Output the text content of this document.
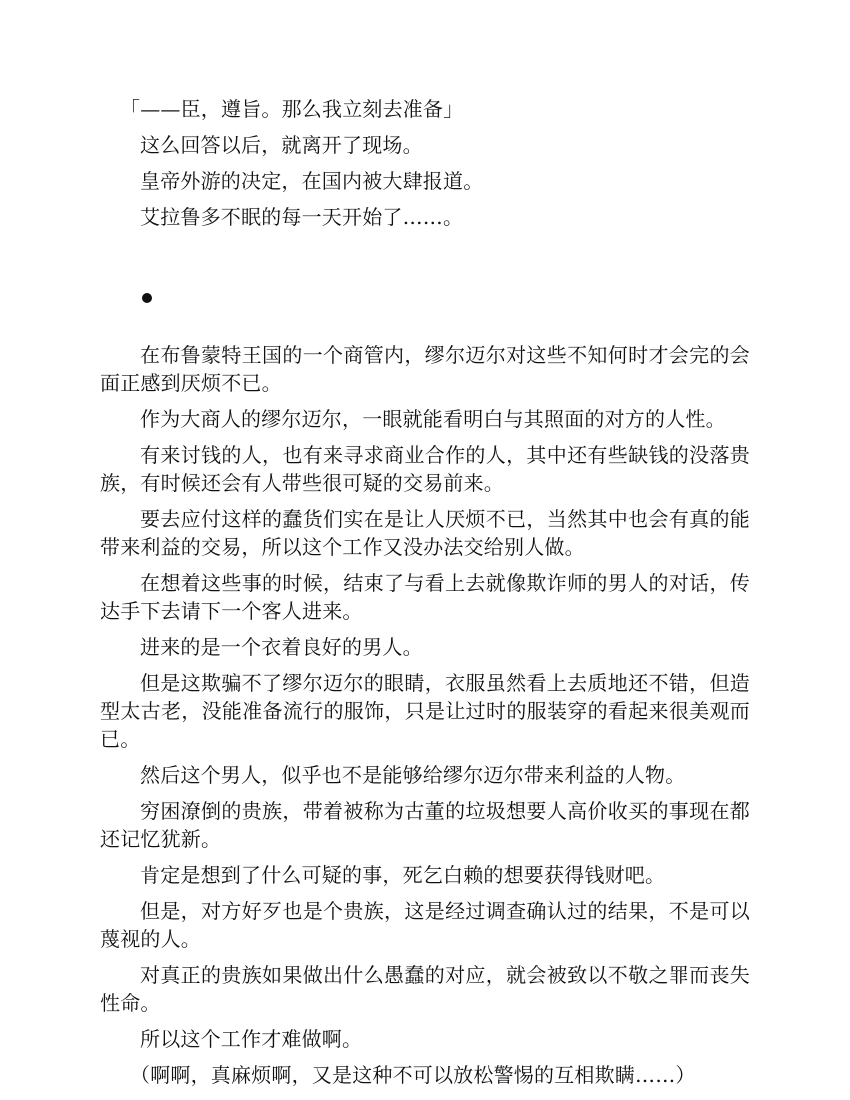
「——臣，遵旨。那么我立刻去准备」

这么回答以后，就离开了现场。

皇帝外游的决定，在国内被大肆报道。

艾拉鲁多不眠的每一天开始了……。

在布鲁蒙特王国的一个商管内，缪尔迈尔对这些不知何时才会完的会面正感到厌烦不已。

作为大商人的缪尔迈尔，一眼就能看明白与其照面的对方的人性。

有来讨钱的人，也有来寻求商业合作的人，其中还有些缺钱的没落贵族，有时候还会有人带些很可疑的交易前来。

要去应付这样的蠢货们实在是让人厌烦不已，当然其中也会有真的能带来利益的交易，所以这个工作又没办法交给别人做。

在想着这些事的时候，结束了与看上去就像欺诈师的男人的对话，传达手下去请下一个客人进来。

进来的是一个衣着良好的男人。

但是这欺骗不了缪尔迈尔的眼睛，衣服虽然看上去质地还不错，但造型太古老，没能准备流行的服饰，只是让过时的服装穿的看起来很美观而已。

然后这个男人，似乎也不是能够给缪尔迈尔带来利益的人物。

穷困潦倒的贵族，带着被称为古董的垃圾想要人高价收买的事现在都还记忆犹新。

肯定是想到了什么可疑的事，死乞白赖的想要获得钱财吧。

但是，对方好歹也是个贵族，这是经过调查确认过的结果，不是可以蔑视的人。

对真正的贵族如果做出什么愚蠢的对应，就会被致以不敬之罪而丧失性命。

所以这个工作才难做啊。

（啊啊，真麻烦啊，又是这种不可以放松警惕的互相欺瞒……）
